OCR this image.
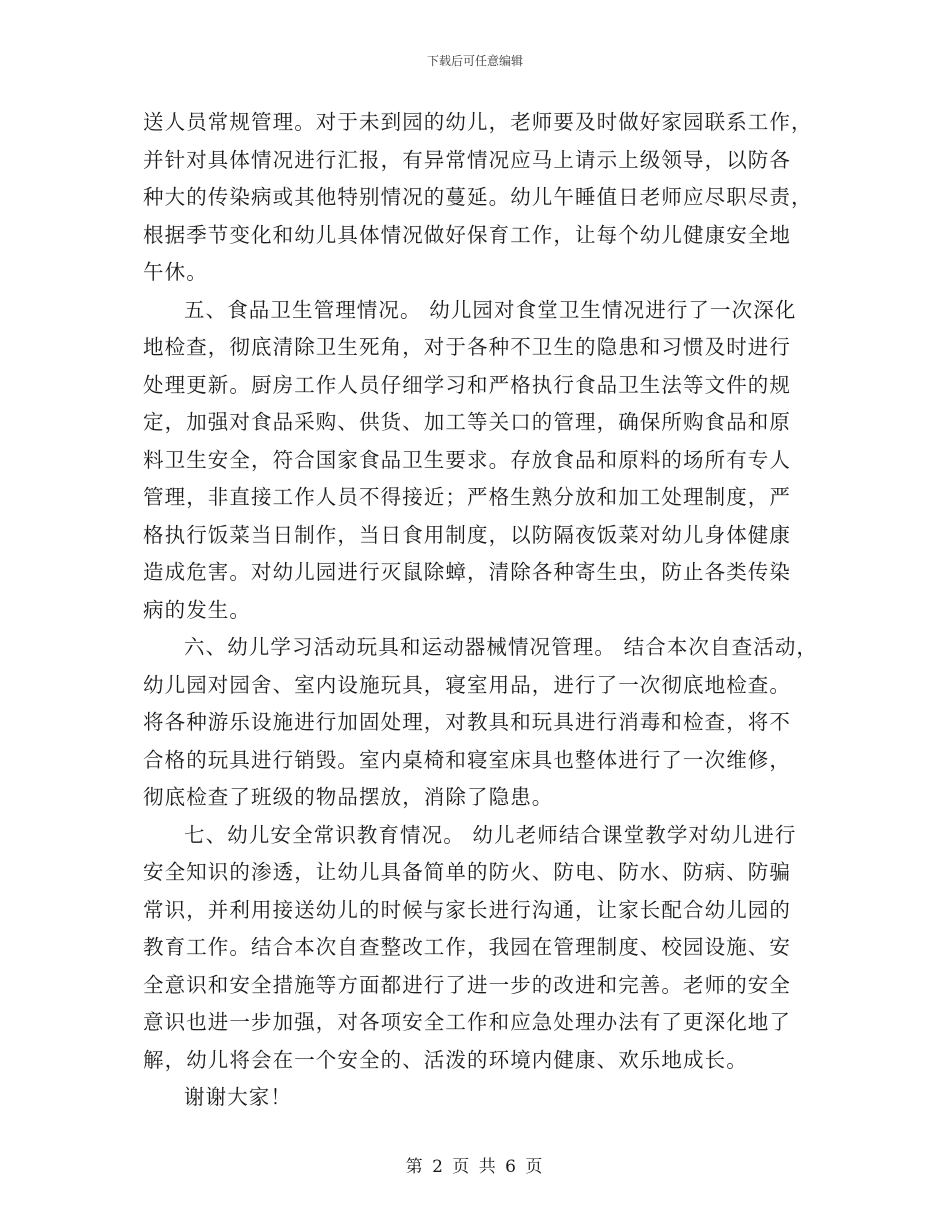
下载后可任意编辑
送人员常规管理。对于未到园的幼儿，老师要及时做好家园联系工作，
并针对具体情况进行汇报，有异常情况应马上请示上级领导，以防各
种大的传染病或其他特别情况的蔓延。幼儿午睡值日老师应尽职尽责，
根据季节变化和幼儿具体情况做好保育工作，让每个幼儿健康安全地
午休。
五、食品卫生管理情况。 幼儿园对食堂卫生情况进行了一次深化
地检查，彻底清除卫生死角，对于各种不卫生的隐患和习惯及时进行
处理更新。厨房工作人员仔细学习和严格执行食品卫生法等文件的规
定，加强对食品采购、供货、加工等关口的管理，确保所购食品和原
料卫生安全，符合国家食品卫生要求。存放食品和原料的场所有专人
管理，非直接工作人员不得接近；严格生熟分放和加工处理制度，严
格执行饭菜当日制作，当日食用制度，以防隔夜饭菜对幼儿身体健康
造成危害。对幼儿园进行灭鼠除蟑，清除各种寄生虫，防止各类传染
病的发生。
六、幼儿学习活动玩具和运动器械情况管理。 结合本次自查活动，
幼儿园对园舍、室内设施玩具，寝室用品，进行了一次彻底地检查。
将各种游乐设施进行加固处理，对教具和玩具进行消毒和检查，将不
合格的玩具进行销毁。室内桌椅和寝室床具也整体进行了一次维修，
彻底检查了班级的物品摆放，消除了隐患。
七、幼儿安全常识教育情况。 幼儿老师结合课堂教学对幼儿进行
安全知识的渗透，让幼儿具备简单的防火、防电、防水、防病、防骗
常识，并利用接送幼儿的时候与家长进行沟通，让家长配合幼儿园的
教育工作。结合本次自查整改工作，我园在管理制度、校园设施、安
全意识和安全措施等方面都进行了进一步的改进和完善。老师的安全
意识也进一步加强，对各项安全工作和应急处理办法有了更深化地了
解，幼儿将会在一个安全的、活泼的环境内健康、欢乐地成长。
谢谢大家！
第 2 页 共 6 页
